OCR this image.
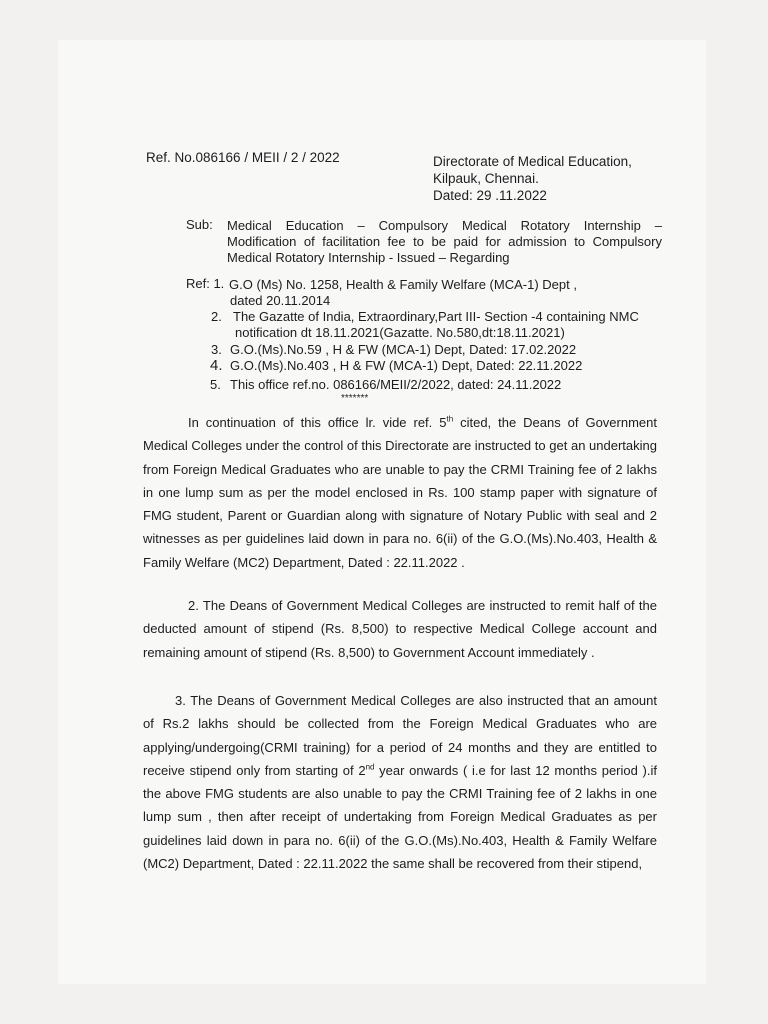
Ref. No.086166 / MEII / 2 / 2022	Directorate of Medical Education,
Kilpauk, Chennai.
Dated: 29 .11.2022
Sub: Medical Education – Compulsory Medical Rotatory Internship – Modification of facilitation fee to be paid for admission to Compulsory Medical Rotatory Internship - Issued – Regarding
Ref: 1. G.O (Ms) No. 1258, Health & Family Welfare (MCA-1) Dept ,
dated 20.11.2014
2. The Gazatte of India, Extraordinary,Part III- Section -4 containing NMC
notification dt 18.11.2021(Gazatte. No.580,dt:18.11.2021)
3. G.O.(Ms).No.59 , H & FW (MCA-1) Dept, Dated: 17.02.2022
4. G.O.(Ms).No.403 , H & FW (MCA-1) Dept, Dated: 22.11.2022
5. This office ref.no. 086166/MEII/2/2022, dated: 24.11.2022
*******
In continuation of this office lr. vide ref. 5th cited, the Deans of Government Medical Colleges under the control of this Directorate are instructed to get an undertaking from Foreign Medical Graduates who are unable to pay the CRMI Training fee of 2 lakhs in one lump sum as per the model enclosed in Rs. 100 stamp paper with signature of FMG student, Parent or Guardian along with signature of Notary Public with seal and 2 witnesses as per guidelines laid down in para no. 6(ii) of the G.O.(Ms).No.403, Health & Family Welfare (MC2) Department, Dated : 22.11.2022 .
2. The Deans of Government Medical Colleges are instructed to remit half of the deducted amount of stipend (Rs. 8,500) to respective Medical College account and remaining amount of stipend (Rs. 8,500) to Government Account immediately .
3. The Deans of Government Medical Colleges are also instructed that an amount of Rs.2 lakhs should be collected from the Foreign Medical Graduates who are applying/undergoing(CRMI training) for a period of 24 months and they are entitled to receive stipend only from starting of 2nd year onwards ( i.e for last 12 months period ).if the above FMG students are also unable to pay the CRMI Training fee of 2 lakhs in one lump sum , then after receipt of undertaking from Foreign Medical Graduates as per guidelines laid down in para no. 6(ii) of the G.O.(Ms).No.403, Health & Family Welfare (MC2) Department, Dated : 22.11.2022 the same shall be recovered from their stipend,
